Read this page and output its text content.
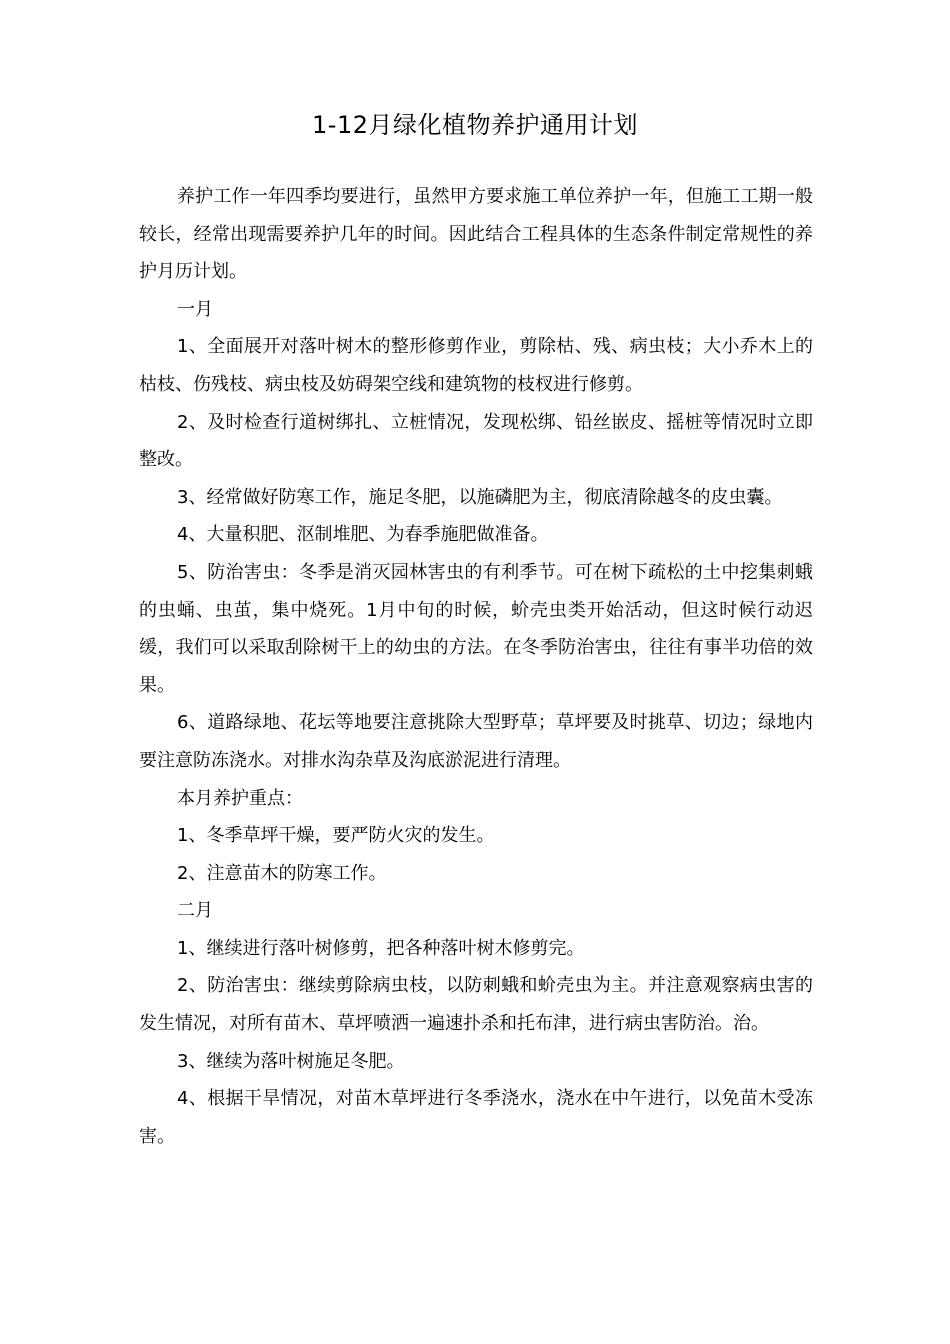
1-12月绿化植物养护通用计划

养护工作一年四季均要进行，虽然甲方要求施工单位养护一年，但施工工期一般较长，经常出现需要养护几年的时间。因此结合工程具体的生态条件制定常规性的养护月历计划。

一月

1、全面展开对落叶树木的整形修剪作业，剪除枯、残、病虫枝；大小乔木上的枯枝、伤残枝、病虫枝及妨碍架空线和建筑物的枝杈进行修剪。

2、及时检查行道树绑扎、立桩情况，发现松绑、铅丝嵌皮、摇桩等情况时立即整改。

3、经常做好防寒工作，施足冬肥，以施磷肥为主，彻底清除越冬的皮虫囊。

4、大量积肥、沤制堆肥、为春季施肥做准备。

5、防治害虫：冬季是消灭园林害虫的有利季节。可在树下疏松的土中挖集刺蛾的虫蛹、虫茧，集中烧死。1月中旬的时候，蚧壳虫类开始活动，但这时候行动迟缓，我们可以采取刮除树干上的幼虫的方法。在冬季防治害虫，往往有事半功倍的效果。

6、道路绿地、花坛等地要注意挑除大型野草；草坪要及时挑草、切边；绿地内要注意防冻浇水。对排水沟杂草及沟底淤泥进行清理。

本月养护重点：

1、冬季草坪干燥，要严防火灾的发生。

2、注意苗木的防寒工作。

二月

1、继续进行落叶树修剪，把各种落叶树木修剪完。

2、防治害虫：继续剪除病虫枝，以防刺蛾和蚧壳虫为主。并注意观察病虫害的发生情况，对所有苗木、草坪喷洒一遍速扑杀和托布津，进行病虫害防治。治。

3、继续为落叶树施足冬肥。

4、根据干旱情况，对苗木草坪进行冬季浇水，浇水在中午进行，以免苗木受冻害。
